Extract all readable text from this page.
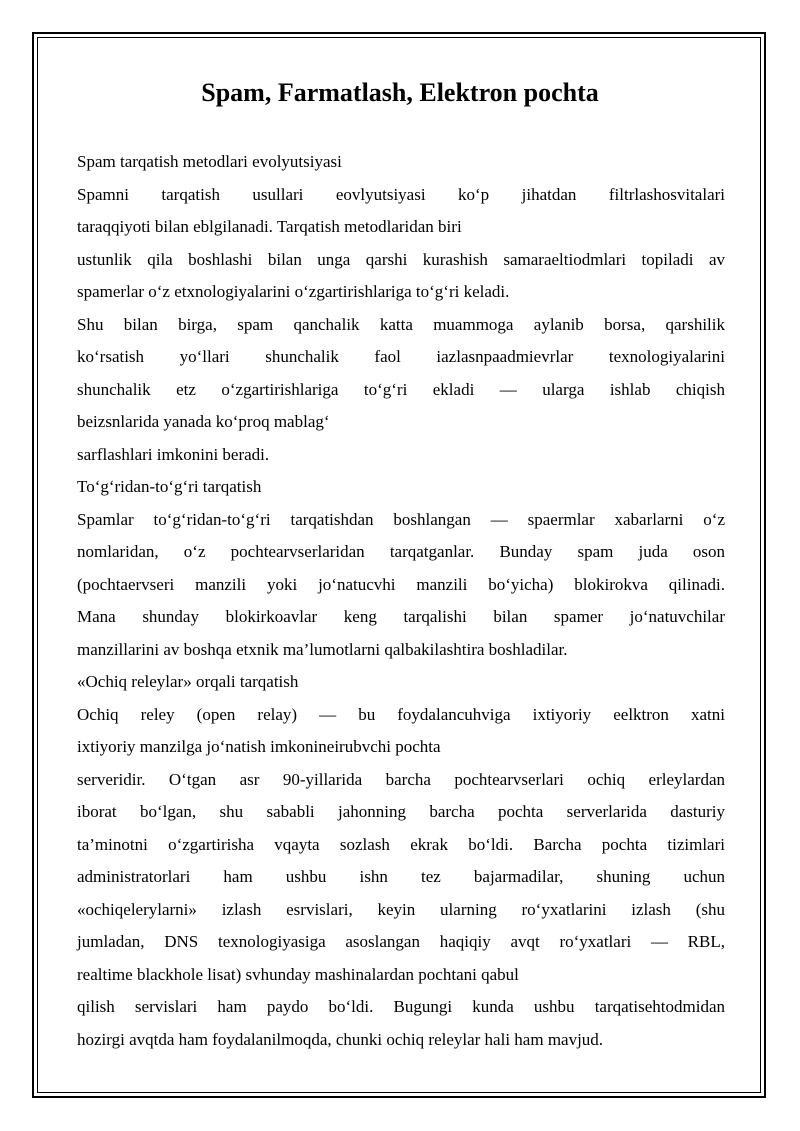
Spam, Farmatlash, Elektron pochta
Spam tarqatish metodlari evolyutsiyasi
Spamni tarqatish usullari eovlyutsiyasi ko‘p jihatdan filtrlashosvitalari
taraqqiyoti bilan eblgilanadi. Tarqatish metodlaridan biri
ustunlik qila boshlashi bilan unga qarshi kurashish samaraeltiodmlari topiladi av
spamerlar o‘z etxnologiyalarini o‘zgartirishlariga to‘g‘ri keladi.
Shu bilan birga, spam qanchalik katta muammoga aylanib borsa, qarshilik
ko‘rsatish yo‘llari shunchalik faol iazlasnpaadmievrlar texnologiyalarini
shunchalik etz o‘zgartirishlariga to‘g‘ri ekladi — ularga ishlab chiqish
beizsnlarida yanada ko‘proq mablag‘
sarflashlari imkonini beradi.
To‘g‘ridan-to‘g‘ri tarqatish
Spamlar to‘g‘ridan-to‘g‘ri tarqatishdan boshlangan — spaermlar xabarlarni o‘z
nomlaridan, o‘z pochtearvserlaridan tarqatganlar. Bunday spam juda oson
(pochtaervseri manzili yoki jo‘natucvhi manzili bo‘yicha) blokirokva qilinadi.
Mana shunday blokirkoavlar keng tarqalishi bilan spamer jo‘natuvchilar
manzillarini av boshqa etxnik ma’lumotlarni qalbakilashtira boshladilar.
«Ochiq releylar» orqali tarqatish
Ochiq reley (open relay) — bu foydalancuhviga ixtiyoriy eelktron xatni
ixtiyoriy manzilga jo‘natish imkonineirubvchi pochta
serveridir. O‘tgan asr 90-yillarida barcha pochtearvserlari ochiq erleylardan
iborat bo‘lgan, shu sababli jahonning barcha pochta serverlarida dasturiy
ta’minotni o‘zgartirisha vqayta sozlash ekrak bo‘ldi. Barcha pochta tizimlari
administratorlari ham ushbu ishn tez bajarmadilar, shuning uchun
«ochiqelerylarni» izlash esrvislari, keyin ularning ro‘yxatlarini izlash (shu
jumladan, DNS texnologiyasiga asoslangan haqiqiy avqt ro‘yxatlari — RBL,
realtime blackhole lisat) svhunday mashinalardan pochtani qabul
qilish servislari ham paydo bo‘ldi. Bugungi kunda ushbu tarqatisehtodmidan
hozirgi avqtda ham foydalanilmoqda, chunki ochiq releylar hali ham mavjud.
